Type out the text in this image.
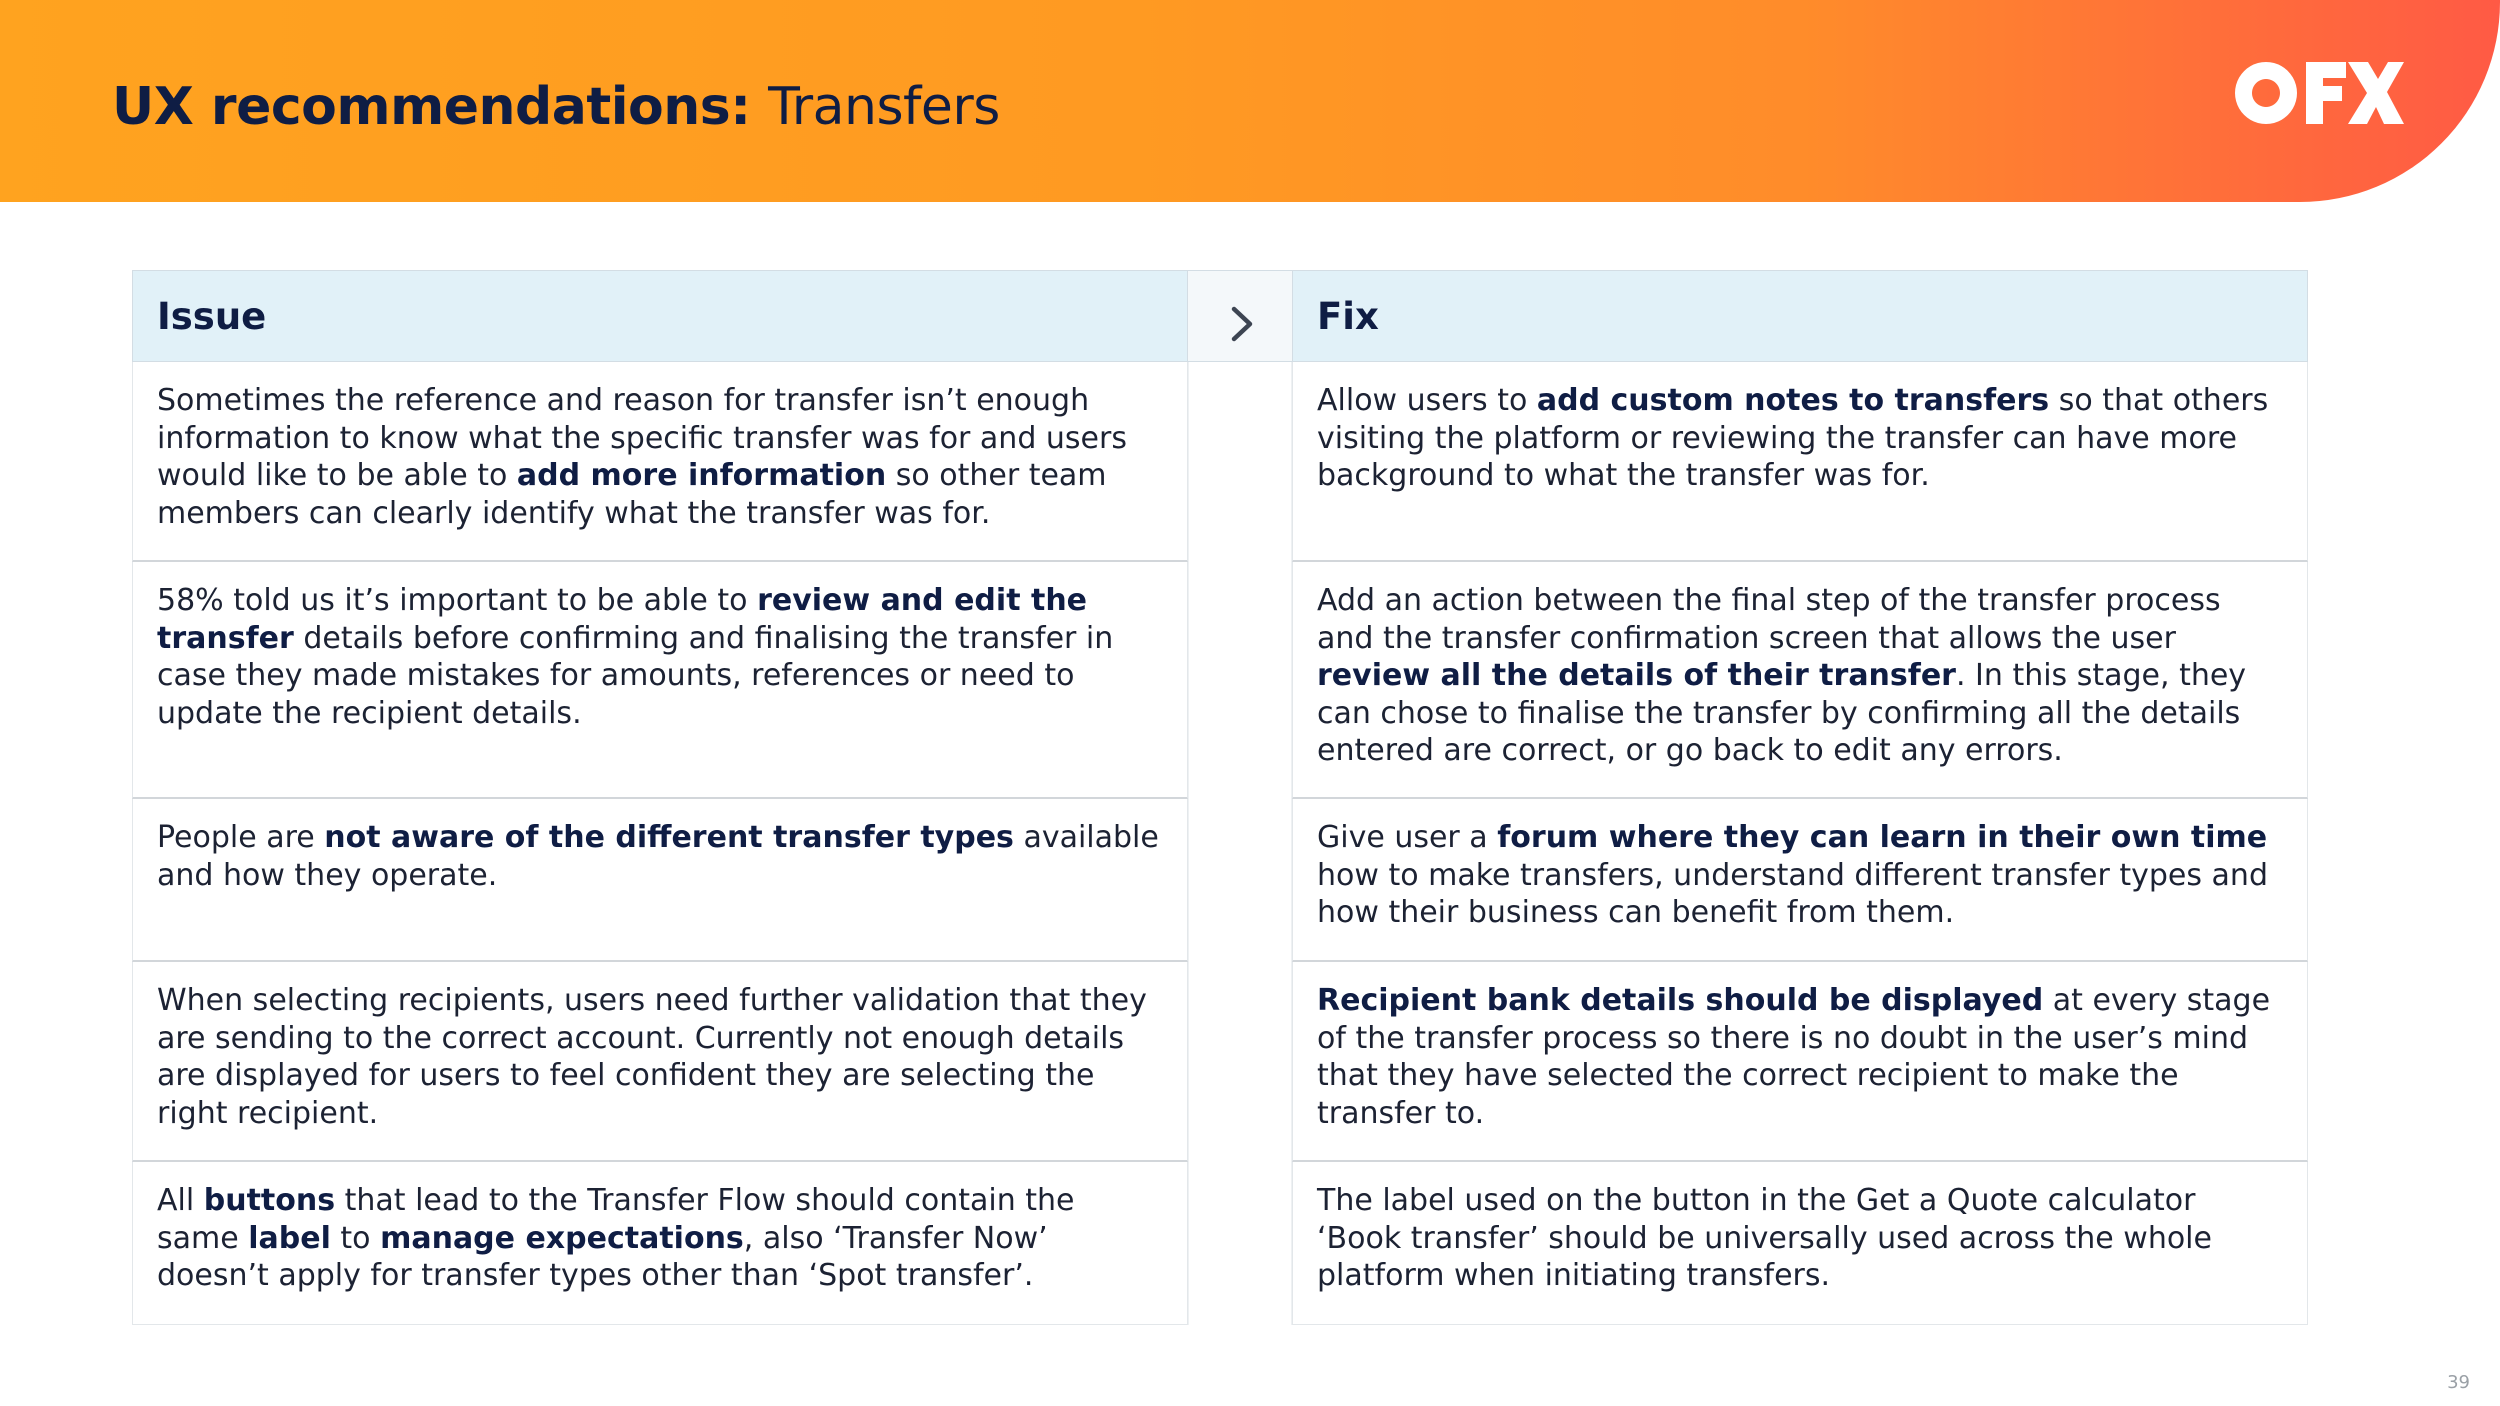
UX recommendations: Transfers
Issue
Sometimes the reference and reason for transfer isn’t enough information to know what the specific transfer was for and users would like to be able to add more information so other team members can clearly identify what the transfer was for.
58% told us it’s important to be able to review and edit the transfer details before confirming and finalising the transfer in case they made mistakes for amounts, references or need to update the recipient details.
People are not aware of the different transfer types available and how they operate.
When selecting recipients, users need further validation that they are sending to the correct account. Currently not enough details are displayed for users to feel confident they are selecting the right recipient.
All buttons that lead to the Transfer Flow should contain the same label to manage expectations, also ‘Transfer Now’ doesn’t apply for transfer types other than ‘Spot transfer’.
Fix
Allow users to add custom notes to transfers so that others visiting the platform or reviewing the transfer can have more background to what the transfer was for.
Add an action between the final step of the transfer process and the transfer confirmation screen that allows the user review all the details of their transfer. In this stage, they can chose to finalise the transfer by confirming all the details entered are correct, or go back to edit any errors.
Give user a forum where they can learn in their own time how to make transfers, understand different transfer types and how their business can benefit from them.
Recipient bank details should be displayed at every stage of the transfer process so there is no doubt in the user’s mind that they have selected the correct recipient to make the transfer to.
The label used on the button in the Get a Quote calculator ‘Book transfer’ should be universally used across the whole platform when initiating transfers.
39
